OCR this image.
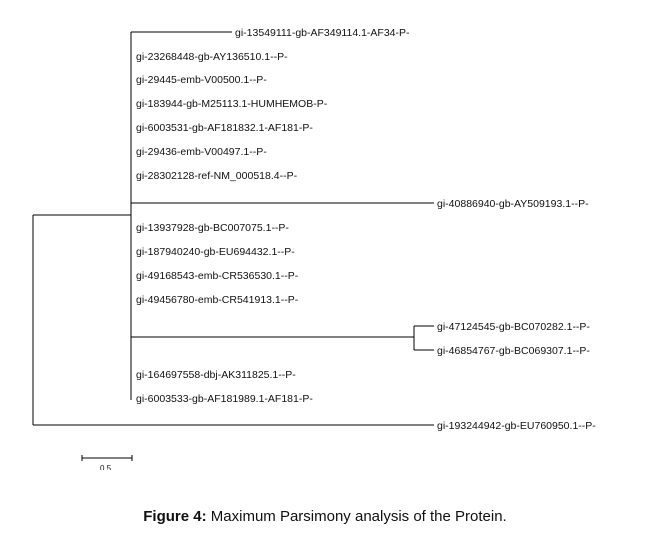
gi-13549111-gb-AF349114.1-AF34-P-
gi-23268448-gb-AY136510.1--P-
gi-29445-emb-V00500.1--P-
gi-183944-gb-M25113.1-HUMHEMOB-P-
gi-6003531-gb-AF181832.1-AF181-P-
gi-29436-emb-V00497.1--P-
gi-28302128-ref-NM_000518.4--P-
gi-40886940-gb-AY509193.1--P-
gi-13937928-gb-BC007075.1--P-
gi-187940240-gb-EU694432.1--P-
gi-49168543-emb-CR536530.1--P-
gi-49456780-emb-CR541913.1--P-
gi-47124545-gb-BC070282.1--P-
gi-46854767-gb-BC069307.1--P-
gi-164697558-dbj-AK311825.1--P-
gi-6003533-gb-AF181989.1-AF181-P-
gi-193244942-gb-EU760950.1--P-
0.5
Figure 4: Maximum Parsimony analysis of the Protein.
